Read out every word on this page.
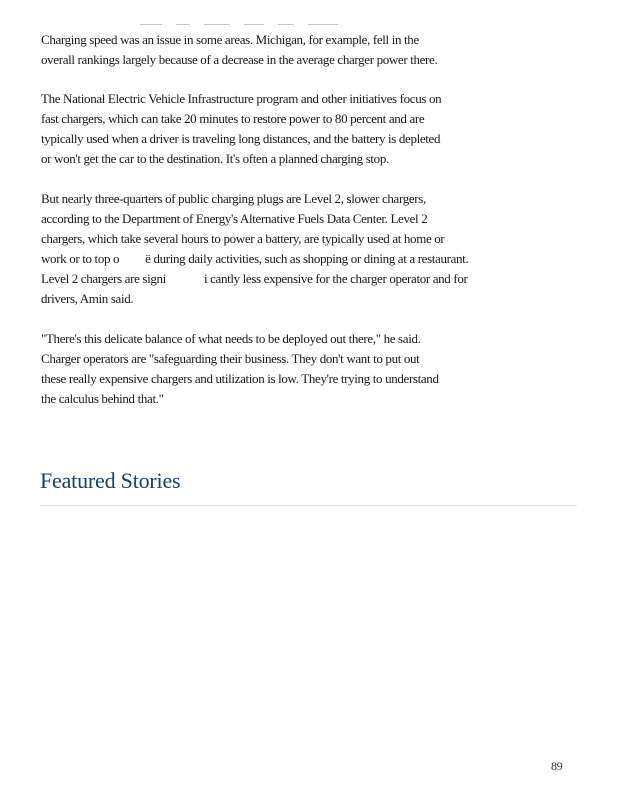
Charging speed was an issue in some areas. Michigan, for example, fell in the
overall rankings largely because of a decrease in the average charger power there.

The National Electric Vehicle Infrastructure program and other initiatives focus on
fast chargers, which can take 20 minutes to restore power to 80 percent and are
typically used when a driver is traveling long distances, and the battery is depleted
or won't get the car to the destination. It's often a planned charging stop.

But nearly three-quarters of public charging plugs are Level 2, slower chargers,
according to the Department of Energy's Alternative Fuels Data Center. Level 2
chargers, which take several hours to power a battery, are typically used at home or
work or to top o ë during daily activities, such as shopping or dining at a restaurant.
Level 2 chargers are signi	i cantly less expensive for the charger operator and for
drivers, Amin said.

"There's this delicate balance of what needs to be deployed out there," he said.
Charger operators are "safeguarding their business. They don't want to put out
these really expensive chargers and utilization is low. They're trying to understand
the calculus behind that."

Featured Stories
89
